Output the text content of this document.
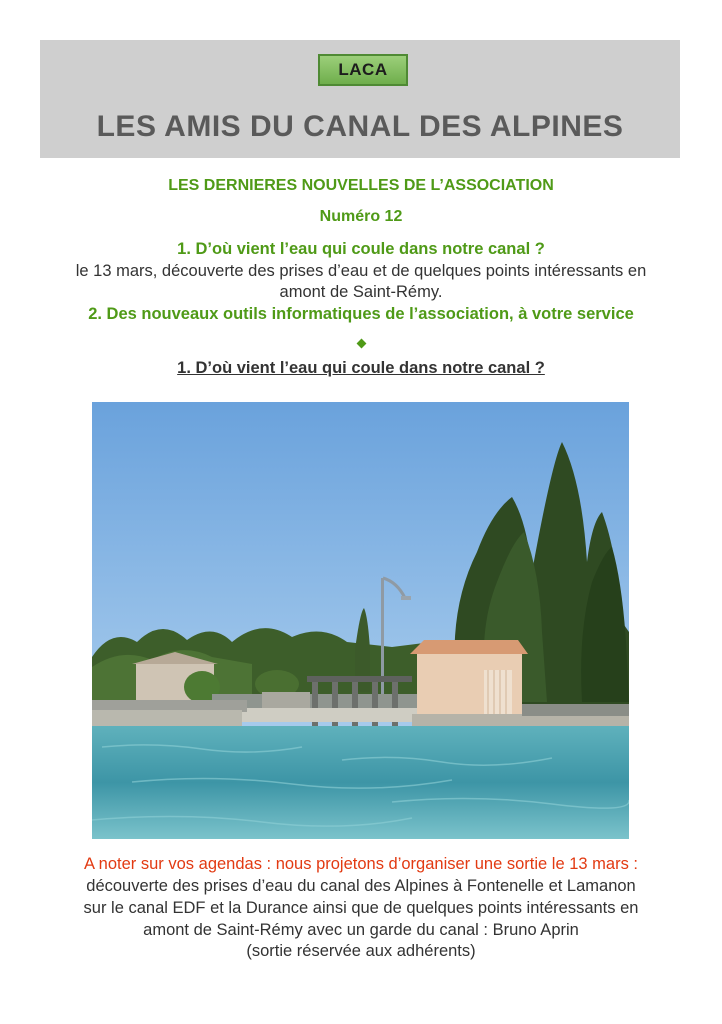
LACA
LES AMIS DU CANAL DES ALPINES
LES DERNIERES NOUVELLES DE L’ASSOCIATION
Numéro 12
1. D’où vient l’eau qui coule dans notre canal ?
le 13 mars, découverte des prises d’eau et de quelques points intéressants en
amont de Saint-Rémy.
2. Des nouveaux outils informatiques de l’association, à votre service
1. D’où vient l’eau qui coule dans notre canal ?
A noter sur vos agendas : nous projetons d’organiser une sortie le 13 mars :
découverte des prises d’eau du canal des Alpines à Fontenelle et Lamanon
sur le canal EDF et la Durance ainsi que de quelques points intéressants en
amont de Saint-Rémy avec un garde du canal : Bruno Aprin
(sortie réservée aux adhérents)
